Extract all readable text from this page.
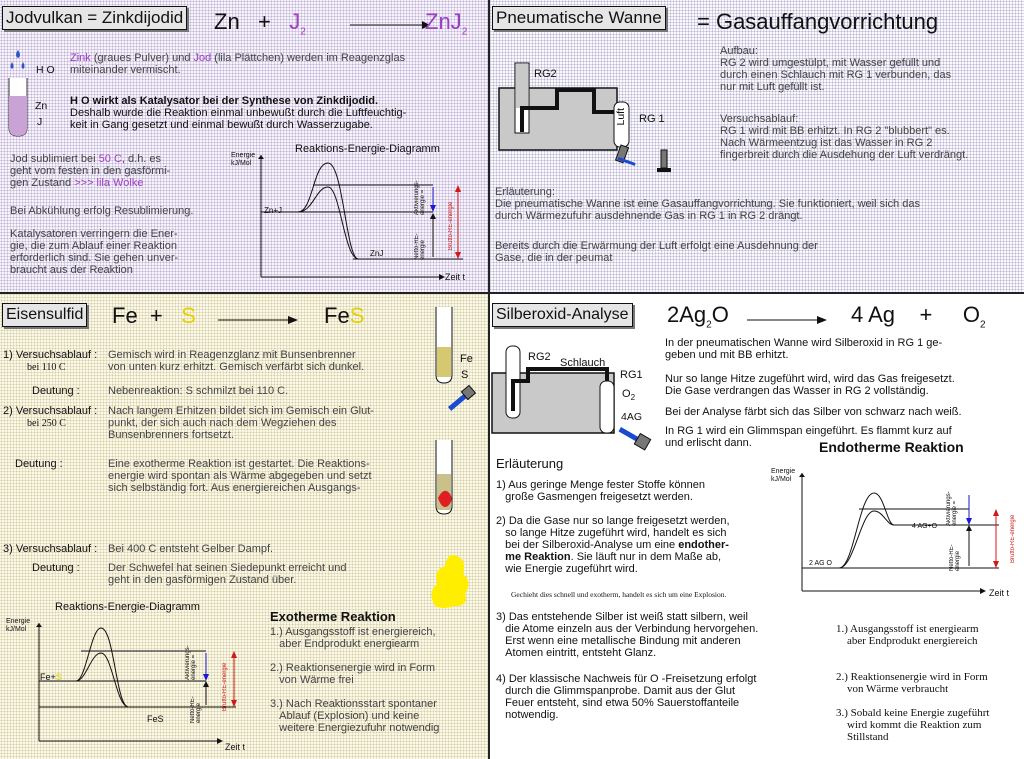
Jodvulkan = Zinkdijodid $Zn + J_2$	ZnJ$_2$
H O
Zn
J
Zink (graues Pulver) und Jod (lila Plättchen) werden im Reagenzglas
miteinander vermischt.
H O wirkt als Katalysator bei der Synthese von Zinkdijodid.
Deshalb wurde die Reaktion einmal unbewußt durch die Luftfeuchtig-
keit in Gang gesetzt und einmal bewußt durch Wasserzugabe.
Jod sublimiert bei 50 C, d.h. es
geht vom festen in den gasförmi-
gen Zustand >>> lila Wolke
Bei Abkühlung erfolg Resublimierung.
Katalysatoren verringern die Ener-
gie, die zum Ablauf einer Reaktion
erforderlich sind. Sie gehen unver-
braucht aus der Reaktion
Reaktions-Energie-Diagramm
Energie
kJ/Mol
Zn+J
ZnJ
Zeit t
Aktivierungs- energie =
Netto-RE- energie	Brutto-RE-energie
Pneumatische Wanne = Gasauffangvorrichtung
RG2
RG 1
Luft
Aufbau:
RG 2 wird umgestülpt, mit Wasser gefüllt und
durch einen Schlauch mit RG 1 verbunden, das
nur mit Luft gefüllt ist.
Versuchsablauf:
RG 1 wird mit BB erhitzt. In RG 2 "blubbert" es.
Nach Wärmeentzug ist das Wasser in RG 2
fingerbreit durch die Ausdehung der Luft verdrängt.
Erläuterung:
Die pneumatische Wanne ist eine Gasauffangvorrichtung. Sie funktioniert, weil sich das
durch Wärmezufuhr ausdehnende Gas in RG 1 in RG 2 drängt.
Bereits durch die Erwärmung der Luft erfolgt eine Ausdehnung der
Gase, die in der peumat
Eisensulfid Fe + S	FeS
Fe
S
1) Versuchsablauf :
bei 110 C
Gemisch wird in Reagenzglanz mit Bunsenbrenner
von unten kurz erhitzt. Gemisch verfärbt sich dunkel.
Deutung :	Nebenreaktion: S schmilzt bei 110 C.
2) Versuchsablauf :
bei 250 C
Nach langem Erhitzen bildet sich im Gemisch ein Glut-
punkt, der sich auch nach dem Wegziehen des
Bunsenbrenners fortsetzt.
Deutung :	Eine exotherme Reaktion ist gestartet. Die Reaktions-
energie wird spontan als Wärme abgegeben und setzt
sich selbständig fort. Aus energiereichen Ausgangs-
3) Versuchsablauf : Bei 400 C entsteht Gelber Dampf.
Deutung :	Der Schwefel hat seinen Siedepunkt erreicht und
geht in den gasförmigen Zustand über.
Reaktions-Energie-Diagramm
Energie
kJ/Mol
Fe+S
FeS
Zeit t
Aktivierungs- energie =
Netto-RE- energie
Brutto-RE-energie
Exotherme Reaktion
1.) Ausgangsstoff ist energiereich,
aber Endprodukt energiearm

2.) Reaktionsenergie wird in Form
von Wärme frei

3.) Nach Reaktionsstart spontaner
Ablauf (Explosion) und keine
weitere Energiezufuhr notwendig
Silberoxid-Analyse $2Ag_2O$	4 $Ag + O_2$
RG2 Schlauch
RG1
$O_2$
4AG
In der pneumatischen Wanne wird Silberoxid in RG 1 ge-
geben und mit BB erhitzt.
Nur so lange Hitze zugeführt wird, wird das Gas freigesetzt.
Die Gase verdrangen das Wasser in RG 2 vollständig.
Bei der Analyse färbt sich das Silber von schwarz nach weiß.
In RG 1 wird ein Glimmspan eingeführt. Es flammt kurz auf
und erlischt dann.
Erläuterung
1) Aus geringe Menge fester Stoffe können
große Gasmengen freigesetzt werden.
2) Da die Gase nur so lange freigesetzt werden,
so lange Hitze zugeführt wird, handelt es sich
bei der Silberoxid-Analyse um eine endother-
me Reaktion. Sie läuft nur in dem Maße ab,
wie Energie zugeführt wird.
Gechieht dies schnell und exotherm, handelt es sich um eine Explosion.
3) Das entstehende Silber ist weiß statt silbern, weil
die Atome einzeln aus der Verbindung hervorgehen.
Erst wenn eine metallische Bindung mit anderen
Atomen eintritt, entsteht Glanz.
4) Der klassische Nachweis für O -Freisetzung erfolgt
durch die Glimmspanprobe. Damit aus der Glut
Feuer entsteht, sind etwa 50% Sauerstoffanteile
notwendig.
Endotherme Reaktion
Energie
kJ/Mol
2 AG O
4 AG+O
Zeit t
Aktivierungs- energie =
Netto-RE- energie	Brutto-RE-energie
1.) Ausgangsstoff ist energiearm
aber Endprodukt energiereich

2.) Reaktionsenergie wird in Form
von Wärme verbraucht

3.) Sobald keine Energie zugeführt
wird kommt die Reaktion zum
Stillstand
